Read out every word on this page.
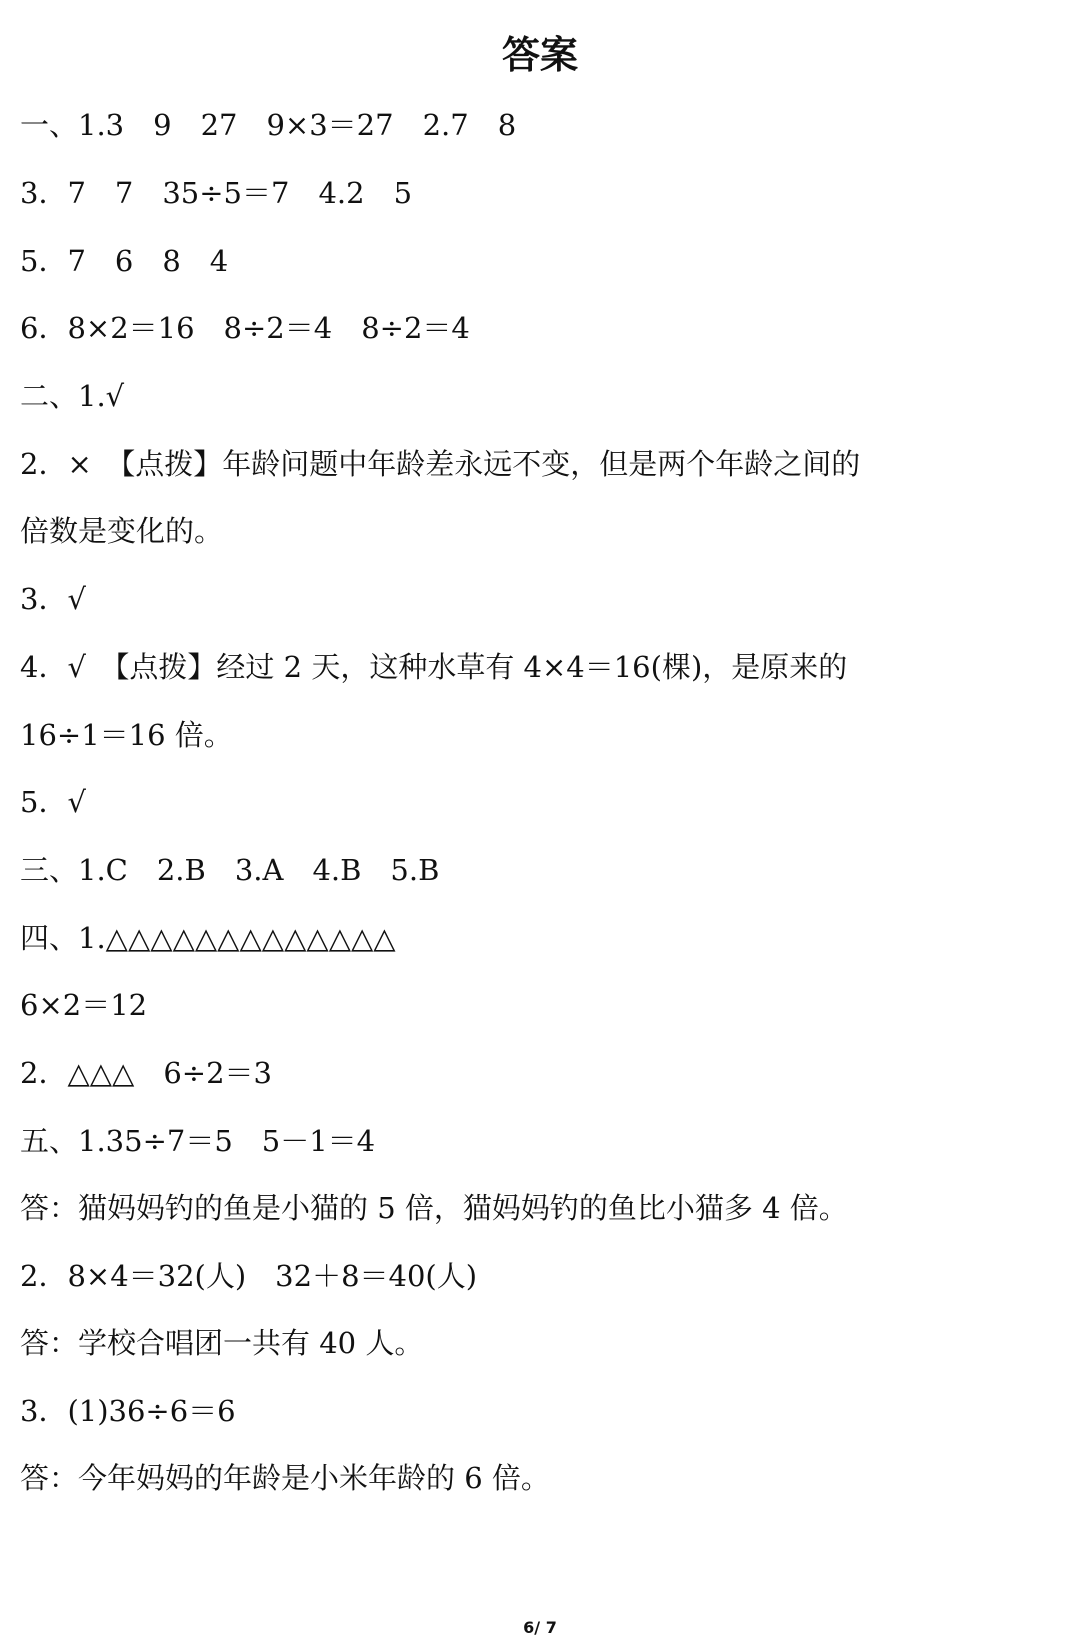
答案
一、1.3　9　27　9×3＝27　2.7　8
3．7　7　35÷5＝7　4.2　5
5．7　6　8　4
6．8×2＝16　8÷2＝4　8÷2＝4
二、1.√
2．×　【点拨】年龄问题中年龄差永远不变，但是两个年龄之间的
倍数是变化的。
3．√
4．√　【点拨】经过 2 天，这种水草有 4×4＝16(棵)，是原来的
16÷1＝16 倍。
5．√
三、1.C　2.B　3.A　4.B　5.B
四、1.△△△△△△△△△△△△△
6×2＝12
2．△△△　6÷2＝3
五、1.35÷7＝5　5－1＝4
答：猫妈妈钓的鱼是小猫的 5 倍，猫妈妈钓的鱼比小猫多 4 倍。
2．8×4＝32(人)　32＋8＝40(人)
答：学校合唱团一共有 40 人。
3．(1)36÷6＝6
答：今年妈妈的年龄是小米年龄的 6 倍。
6/ 7
